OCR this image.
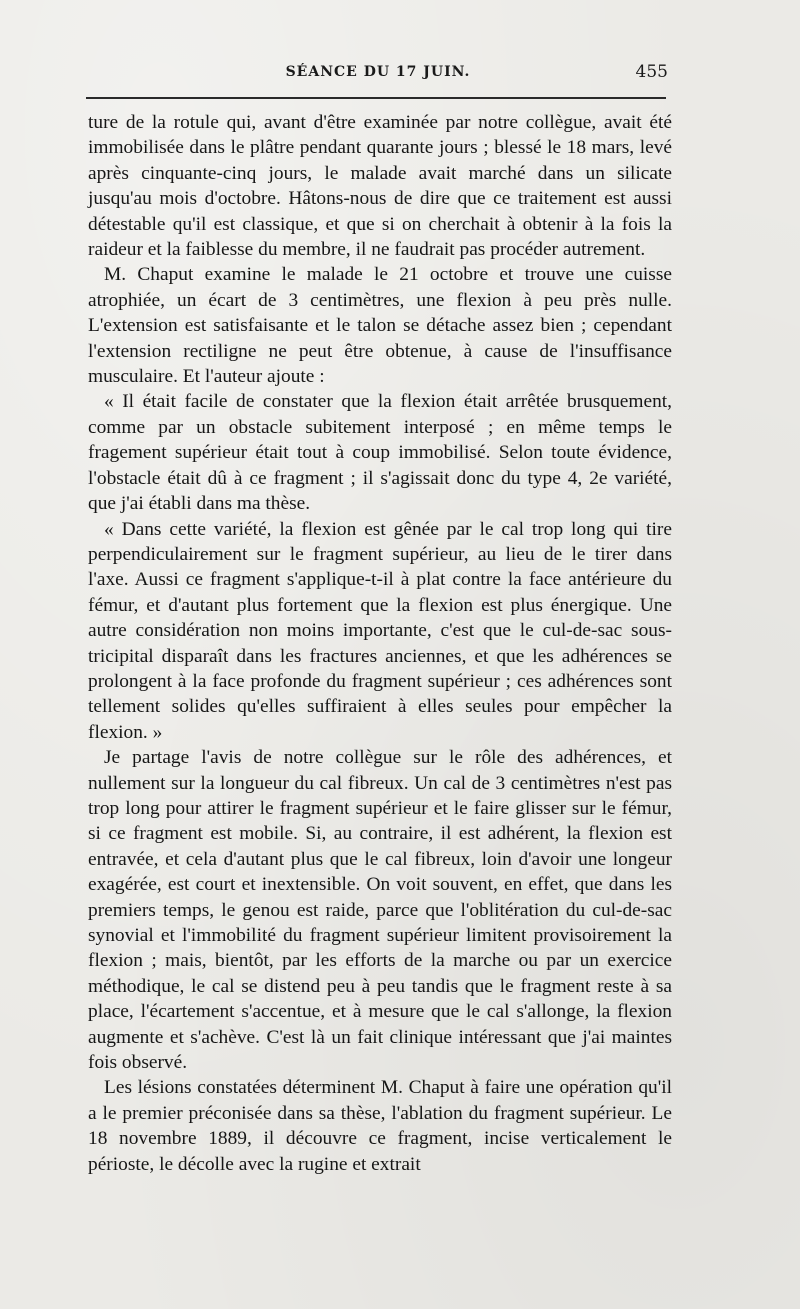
SÉANCE DU 17 JUIN.	455

ture de la rotule qui, avant d'être examinée par notre collègue, avait été immobilisée dans le plâtre pendant quarante jours ; blessé le 18 mars, levé après cinquante-cinq jours, le malade avait marché dans un silicate jusqu'au mois d'octobre. Hâtons-nous de dire que ce traitement est aussi détestable qu'il est classique, et que si on cherchait à obtenir à la fois la raideur et la faiblesse du membre, il ne faudrait pas procéder autrement.

M. Chaput examine le malade le 21 octobre et trouve une cuisse atrophiée, un écart de 3 centimètres, une flexion à peu près nulle. L'extension est satisfaisante et le talon se détache assez bien ; cependant l'extension rectiligne ne peut être obtenue, à cause de l'insuffisance musculaire. Et l'auteur ajoute :

« Il était facile de constater que la flexion était arrêtée brusquement, comme par un obstacle subitement interposé ; en même temps le fragement supérieur était tout à coup immobilisé. Selon toute évidence, l'obstacle était dû à ce fragment ; il s'agissait donc du type 4, 2e variété, que j'ai établi dans ma thèse.

« Dans cette variété, la flexion est gênée par le cal trop long qui tire perpendiculairement sur le fragment supérieur, au lieu de le tirer dans l'axe. Aussi ce fragment s'applique-t-il à plat contre la face antérieure du fémur, et d'autant plus fortement que la flexion est plus énergique. Une autre considération non moins importante, c'est que le cul-de-sac sous-tricipital disparaît dans les fractures anciennes, et que les adhérences se prolongent à la face profonde du fragment supérieur ; ces adhérences sont tellement solides qu'elles suffiraient à elles seules pour empêcher la flexion. »

Je partage l'avis de notre collègue sur le rôle des adhérences, et nullement sur la longueur du cal fibreux. Un cal de 3 centimètres n'est pas trop long pour attirer le fragment supérieur et le faire glisser sur le fémur, si ce fragment est mobile. Si, au contraire, il est adhérent, la flexion est entravée, et cela d'autant plus que le cal fibreux, loin d'avoir une longeur exagérée, est court et inextensible. On voit souvent, en effet, que dans les premiers temps, le genou est raide, parce que l'oblitération du cul-de-sac synovial et l'immobilité du fragment supérieur limitent provisoirement la flexion ; mais, bientôt, par les efforts de la marche ou par un exercice méthodique, le cal se distend peu à peu tandis que le fragment reste à sa place, l'écartement s'accentue, et à mesure que le cal s'allonge, la flexion augmente et s'achève. C'est là un fait clinique intéressant que j'ai maintes fois observé.

Les lésions constatées déterminent M. Chaput à faire une opération qu'il a le premier préconisée dans sa thèse, l'ablation du fragment supérieur. Le 18 novembre 1889, il découvre ce fragment, incise verticalement le périoste, le décolle avec la rugine et extrait
